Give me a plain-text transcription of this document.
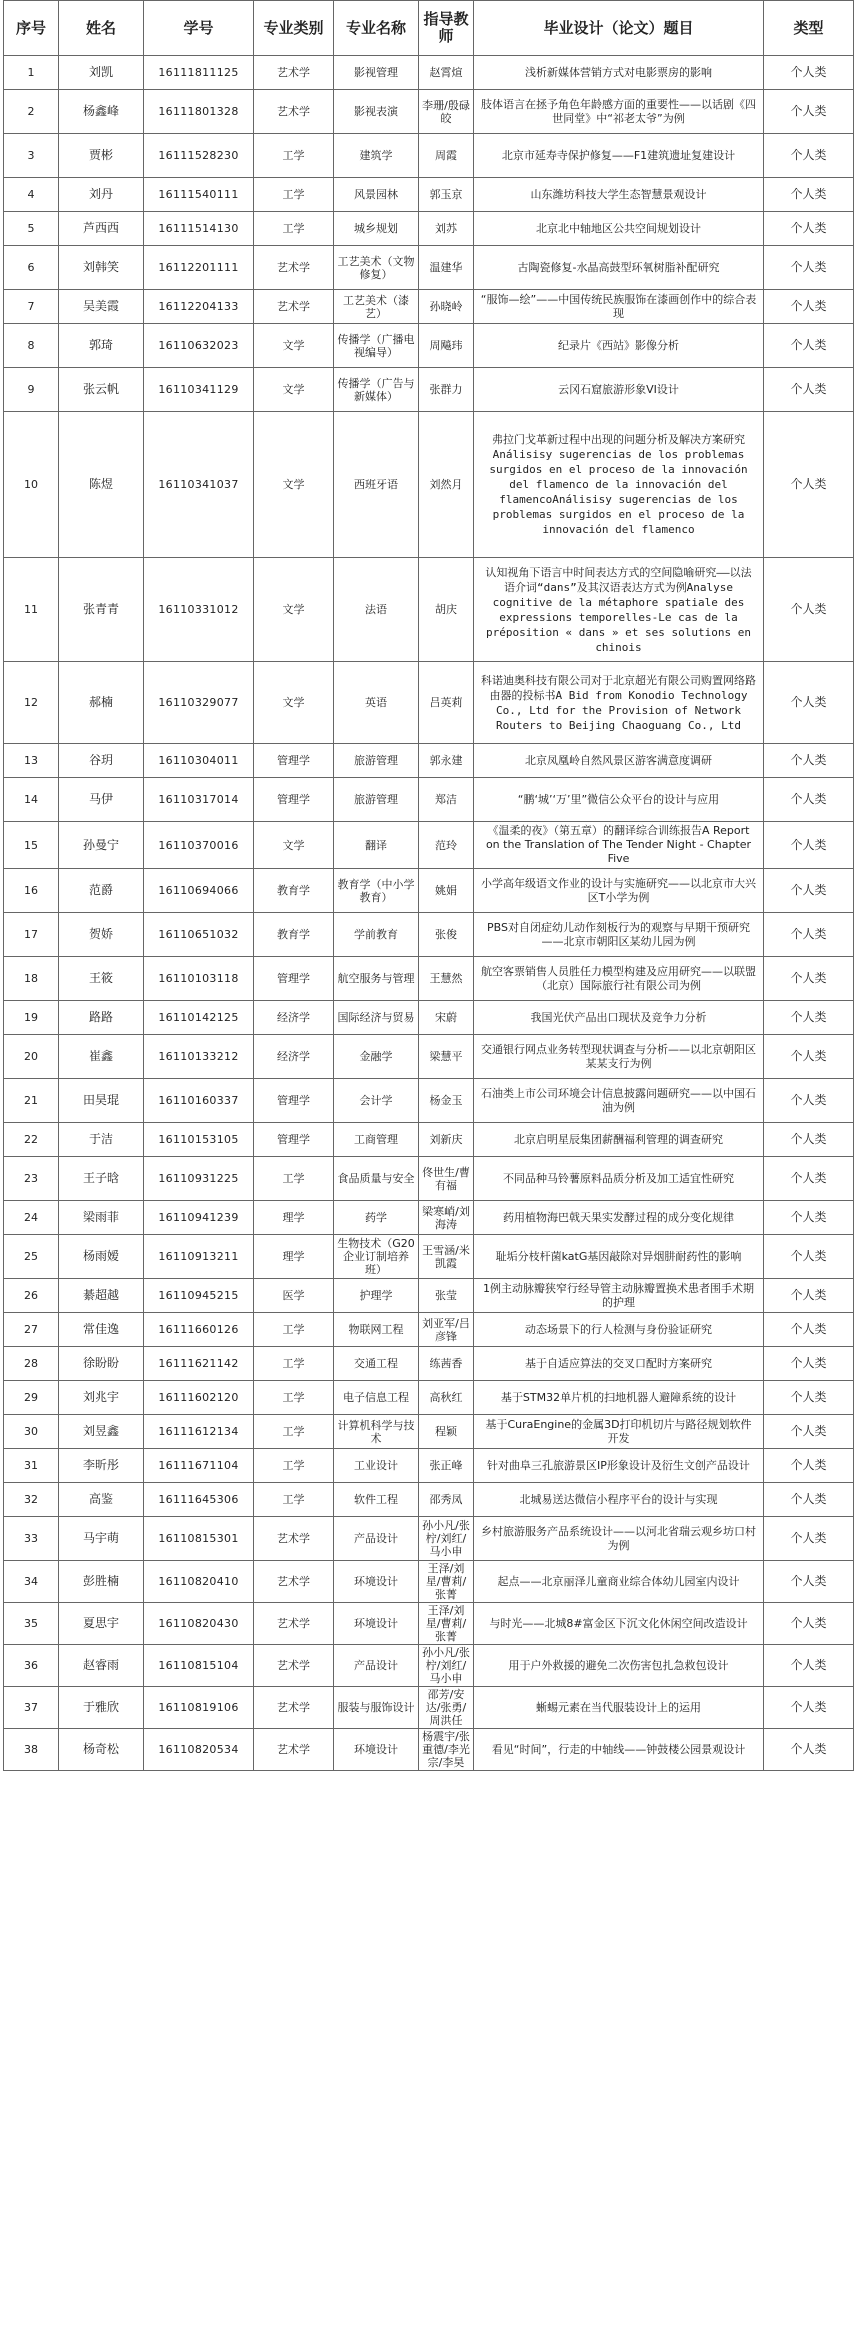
序号	姓名	学号	专业类别	专业名称	指导教师	毕业设计（论文）题目	类型
1	刘凯	16111811125	艺术学	影视管理	赵霄煊	浅析新媒体营销方式对电影票房的影响	个人类
2	杨鑫峰	16111801328	艺术学	影视表演	李珊/殷碌皎	肢体语言在拯予角色年龄感方面的重要性——以话剧《四世同堂》中“祁老太爷”为例	个人类
3	贾彬	16111528230	工学	建筑学	周霞	北京市延寿寺保护修复——F1建筑遗址复建设计	个人类
4	刘丹	16111540111	工学	风景园林	郭玉京	山东潍坊科技大学生态智慧景观设计	个人类
5	芦西西	16111514130	工学	城乡规划	刘苏	北京北中轴地区公共空间规划设计	个人类
6	刘韩笑	16112201111	艺术学	工艺美术（文物修复）	温建华	古陶瓷修复-水晶高鼓型环氧树脂补配研究	个人类
7	吴美霞	16112204133	艺术学	工艺美术（漆艺）	孙晓岭	“服饰—绘”——中国传统民族服饰在漆画创作中的综合表现	个人类
8	郭琦	16110632023	文学	传播学（广播电视编导）	周飚玮	纪录片《西站》影像分析	个人类
9	张云帆	16110341129	文学	传播学（广告与新媒体）	张群力	云冈石窟旅游形象VI设计	个人类
10	陈煜	16110341037	文学	西班牙语	刘然月	弗拉门戈革新过程中出现的问题分析及解决方案研究Análisisy sugerencias de los problemas surgidos en el proceso de la innovación del flamenco de la innovación del flamencoAnálisisy sugerencias de los problemas surgidos en el proceso de la innovación del flamenco	个人类
11	张青青	16110331012	文学	法语	胡庆	认知视角下语言中时间表达方式的空间隐喻研究——以法语介词“dans”及其汉语表达方式为例Analyse cognitive de la métaphore spatiale des expressions temporelles-Le cas de la préposition « dans » et ses solutions en chinois	个人类
12	郝楠	16110329077	文学	英语	吕英莉	科诺迪奥科技有限公司对于北京超光有限公司购置网络路由器的投标书A Bid from Konodio Technology Co., Ltd for the Provision of Network Routers to Beijing Chaoguang Co., Ltd	个人类
13	谷玥	16110304011	管理学	旅游管理	郭永建	北京凤凰岭自然风景区游客满意度调研	个人类
14	马伊	16110317014	管理学	旅游管理	郑洁	“鹏‘城’‘万’里”微信公众平台的设计与应用	个人类
15	孙曼宁	16110370016	文学	翻译	范玲	《温柔的夜》（第五章）的翻译综合训练报告A Report on the Translation of The Tender Night - Chapter Five	个人类
16	范爵	16110694066	教育学	教育学（中小学教育）	姚娟	小学高年级语文作业的设计与实施研究——以北京市大兴区T小学为例	个人类
17	贺娇	16110651032	教育学	学前教育	张俊	PBS对自闭症幼儿动作刻板行为的观察与早期干预研究——北京市朝阳区某幼儿园为例	个人类
18	王筱	16110103118	管理学	航空服务与管理	王慧然	航空客票销售人员胜任力模型构建及应用研究——以联盟（北京）国际旅行社有限公司为例	个人类
19	路路	16110142125	经济学	国际经济与贸易	宋蔚	我国光伏产品出口现状及竞争力分析	个人类
20	崔鑫	16110133212	经济学	金融学	梁慧平	交通银行网点业务转型现状调查与分析——以北京朝阳区某某支行为例	个人类
21	田昊琨	16110160337	管理学	会计学	杨金玉	石油类上市公司环境会计信息披露问题研究——以中国石油为例	个人类
22	于洁	16110153105	管理学	工商管理	刘新庆	北京启明星辰集团薪酬福利管理的调查研究	个人类
23	王子晗	16110931225	工学	食品质量与安全	佟世生/曹有福	不同品种马铃薯原料品质分析及加工适宜性研究	个人类
24	梁雨菲	16110941239	理学	药学	梁寒峭/刘海涛	药用植物海巴戟天果实发酵过程的成分变化规律	个人类
25	杨雨嫒	16110913211	理学	生物技术（G20企业订制培养班）	王雪涵/米凯霞	耻垢分枝杆菌katG基因敲除对异烟肼耐药性的影响	个人类
26	綦超越	16110945215	医学	护理学	张莹	1例主动脉瓣狭窄行经导管主动脉瓣置换术患者围手术期的护理	个人类
27	常佳逸	16111660126	工学	物联网工程	刘亚军/吕彦锋	动态场景下的行人检测与身份验证研究	个人类
28	徐盼盼	16111621142	工学	交通工程	练茜香	基于自适应算法的交叉口配时方案研究	个人类
29	刘兆宇	16111602120	工学	电子信息工程	高秋红	基于STM32单片机的扫地机器人避障系统的设计	个人类
30	刘昱鑫	16111612134	工学	计算机科学与技术	程颖	基于CuraEngine的金属3D打印机切片与路径规划软件开发	个人类
31	李昕彤	16111671104	工学	工业设计	张正峰	针对曲阜三孔旅游景区IP形象设计及衍生文创产品设计	个人类
32	高鉴	16111645306	工学	软件工程	邵秀凤	北城易送达微信小程序平台的设计与实现	个人类
33	马宇萌	16110815301	艺术学	产品设计	孙小凡/张柠/刘红/马小申	乡村旅游服务产品系统设计——以河北省瑞云观乡坊口村为例	个人类
34	彭胜楠	16110820410	艺术学	环境设计	王泽/刘星/曹莉/张菁	起点——北京丽泽儿童商业综合体幼儿园室内设计	个人类
35	夏思宇	16110820430	艺术学	环境设计	王泽/刘星/曹莉/张菁	与时光——北城8#富金区下沉文化休闲空间改造设计	个人类
36	赵睿雨	16110815104	艺术学	产品设计	孙小凡/张柠/刘红/马小申	用于户外救援的避免二次伤害包扎急救包设计	个人类
37	于雅欣	16110819106	艺术学	服装与服饰设计	邵芳/安达/张勇/周洪任	蜥蜴元素在当代服装设计上的运用	个人类
38	杨奇松	16110820534	艺术学	环境设计	杨震宇/张重德/李光宗/李昊	看见“时间”，行走的中轴线——钟鼓楼公园景观设计	个人类
